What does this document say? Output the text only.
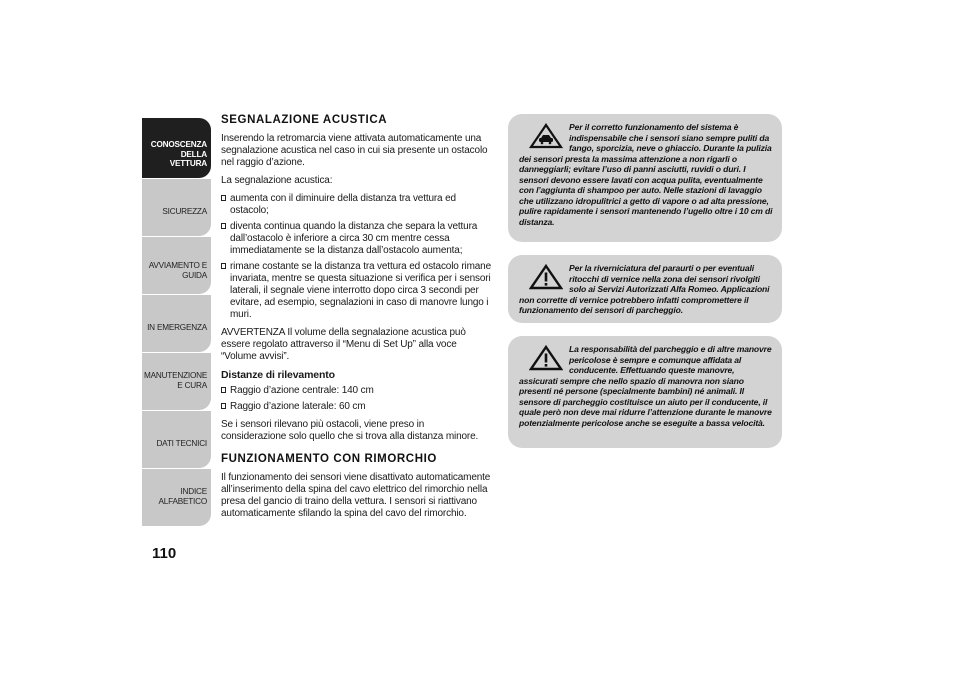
CONOSCENZA DELLA VETTURA
SICUREZZA
AVVIAMENTO E GUIDA
IN EMERGENZA
MANUTENZIONE E CURA
DATI TECNICI
INDICE ALFABETICO
110
SEGNALAZIONE ACUSTICA

Inserendo la retromarcia viene attivata automaticamente una segnalazione acustica nel caso in cui sia presente un ostacolo nel raggio d’azione.

La segnalazione acustica:

aumenta con il diminuire della distanza tra vettura ed ostacolo;
diventa continua quando la distanza che separa la vettura dall’ostacolo è inferiore a circa 30 cm mentre cessa immediatamente se la distanza dall’ostacolo aumenta;
rimane costante se la distanza tra vettura ed ostacolo rimane invariata, mentre se questa situazione si verifica per i sensori laterali, il segnale viene interrotto dopo circa 3 secondi per evitare, ad esempio, segnalazioni in caso di manovre lungo i muri.

AVVERTENZA Il volume della segnalazione acustica può essere regolato attraverso il “Menu di Set Up” alla voce “Volume avvisi”.

Distanze di rilevamento
Raggio d’azione centrale: 140 cm
Raggio d’azione laterale: 60 cm

Se i sensori rilevano più ostacoli, viene preso in considerazione solo quello che si trova alla distanza minore.

FUNZIONAMENTO CON RIMORCHIO

Il funzionamento dei sensori viene disattivato automaticamente all’inserimento della spina del cavo elettrico del rimorchio nella presa del gancio di traino della vettura. I sensori si riattivano automaticamente sfilando la spina del cavo del rimorchio.

Per il corretto funzionamento del sistema è indispensabile che i sensori siano sempre puliti da fango, sporcizia, neve o ghiaccio. Durante la pulizia dei sensori presta la massima attenzione a non rigarli o danneggiarli; evitare l’uso di panni asciutti, ruvidi o duri. I sensori devono essere lavati con acqua pulita, eventualmente con l’aggiunta di shampoo per auto. Nelle stazioni di lavaggio che utilizzano idropulitrici a getto di vapore o ad alta pressione, pulire rapidamente i sensori mantenendo l’ugello oltre i 10 cm di distanza.
Per la riverniciatura del paraurti o per eventuali ritocchi di vernice nella zona dei sensori rivolgiti solo ai Servizi Autorizzati Alfa Romeo. Applicazioni non corrette di vernice potrebbero infatti compromettere il funzionamento dei sensori di parcheggio.
La responsabilità del parcheggio e di altre manovre pericolose è sempre e comunque affidata al conducente. Effettuando queste manovre, assicurati sempre che nello spazio di manovra non siano presenti né persone (specialmente bambini) né animali. Il sensore di parcheggio costituisce un aiuto per il conducente, il quale però non deve mai ridurre l’attenzione durante le manovre potenzialmente pericolose anche se eseguite a bassa velocità.
